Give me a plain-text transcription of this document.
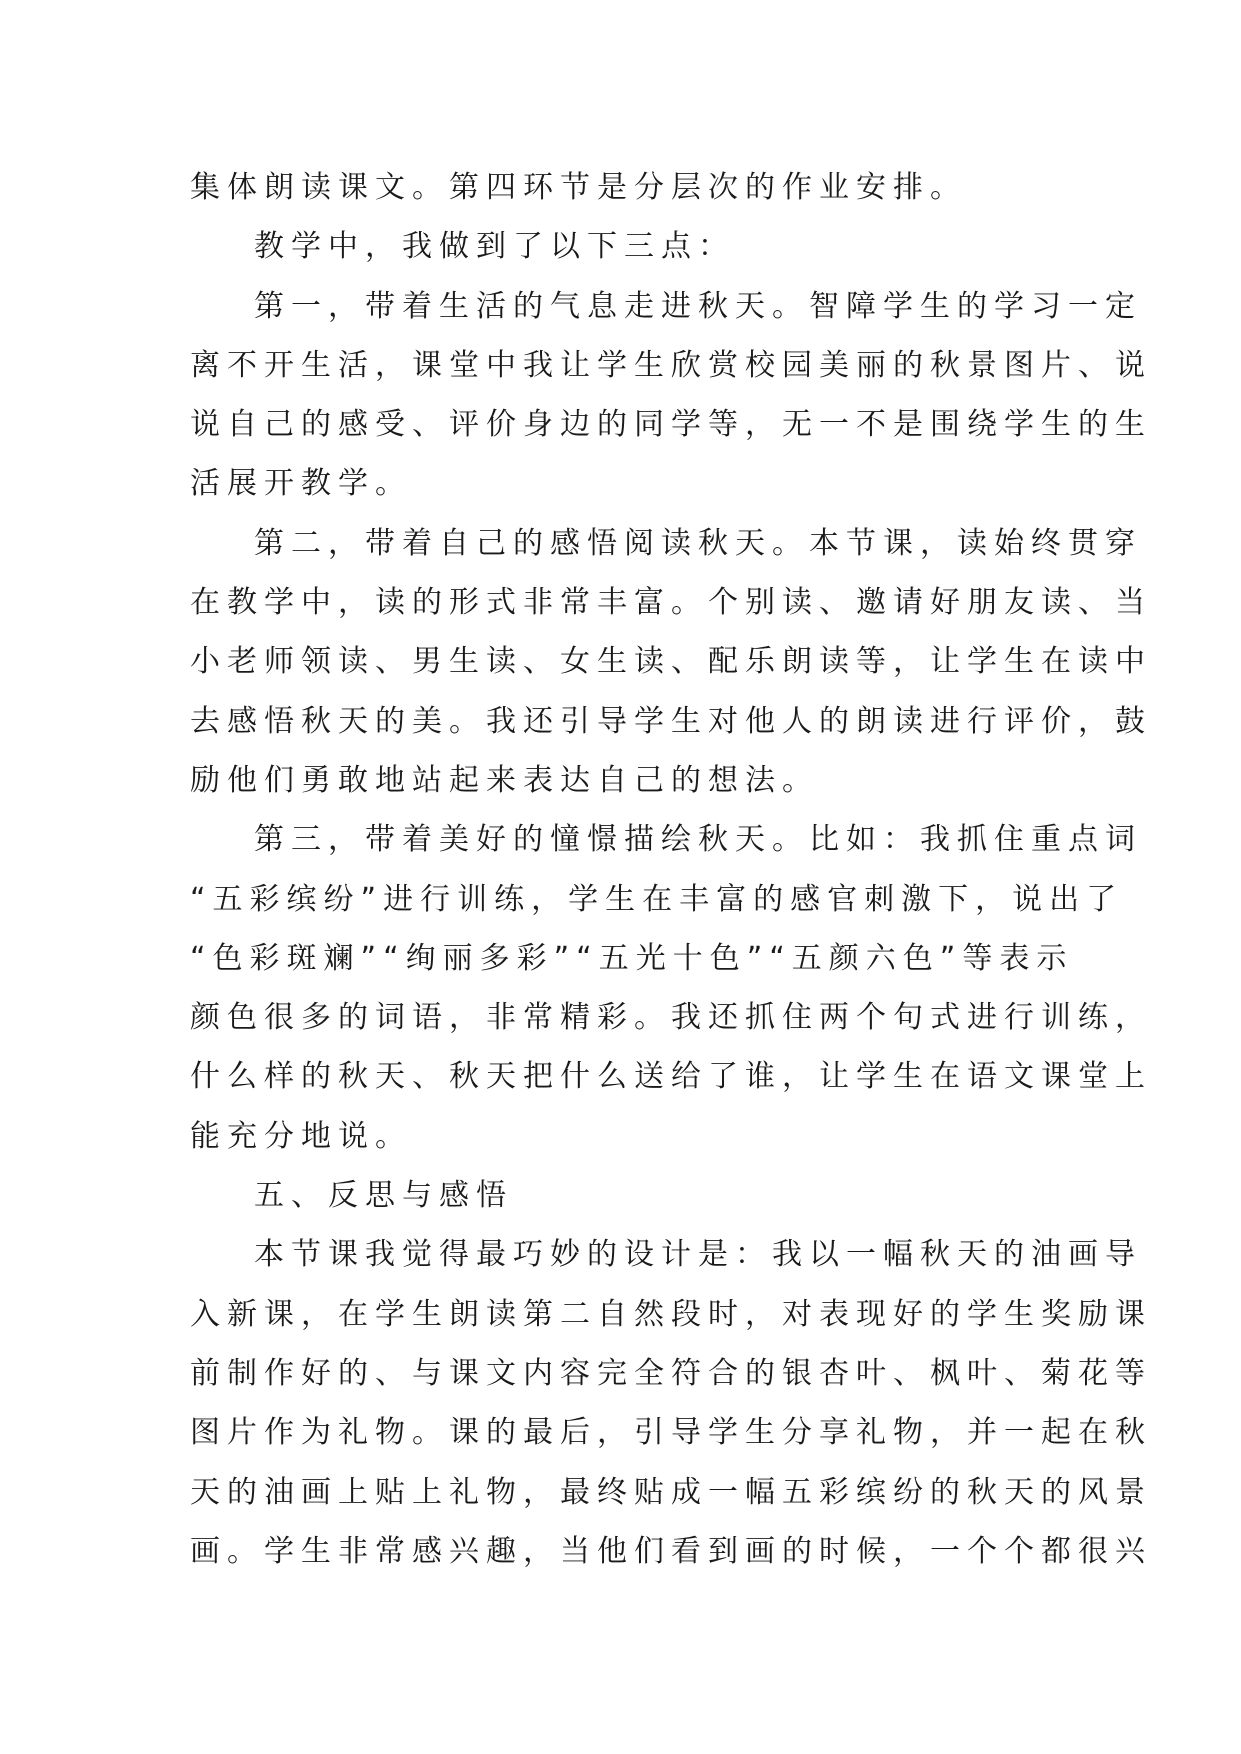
集体朗读课文。第四环节是分层次的作业安排。
教学中，我做到了以下三点：
第一，带着生活的气息走进秋天。智障学生的学习一定
离不开生活，课堂中我让学生欣赏校园美丽的秋景图片、说
说自己的感受、评价身边的同学等，无一不是围绕学生的生
活展开教学。
第二，带着自己的感悟阅读秋天。本节课，读始终贯穿
在教学中，读的形式非常丰富。个别读、邀请好朋友读、当
小老师领读、男生读、女生读、配乐朗读等，让学生在读中
去感悟秋天的美。我还引导学生对他人的朗读进行评价，鼓
励他们勇敢地站起来表达自己的想法。
第三，带着美好的憧憬描绘秋天。比如：我抓住重点词
“五彩缤纷”进行训练，学生在丰富的感官刺激下，说出了
“色彩斑斓”“绚丽多彩”“五光十色”“五颜六色”等表示
颜色很多的词语，非常精彩。我还抓住两个句式进行训练，
什么样的秋天、秋天把什么送给了谁，让学生在语文课堂上
能充分地说。
五、反思与感悟
本节课我觉得最巧妙的设计是：我以一幅秋天的油画导
入新课，在学生朗读第二自然段时，对表现好的学生奖励课
前制作好的、与课文内容完全符合的银杏叶、枫叶、菊花等
图片作为礼物。课的最后，引导学生分享礼物，并一起在秋
天的油画上贴上礼物，最终贴成一幅五彩缤纷的秋天的风景
画。学生非常感兴趣，当他们看到画的时候，一个个都很兴
